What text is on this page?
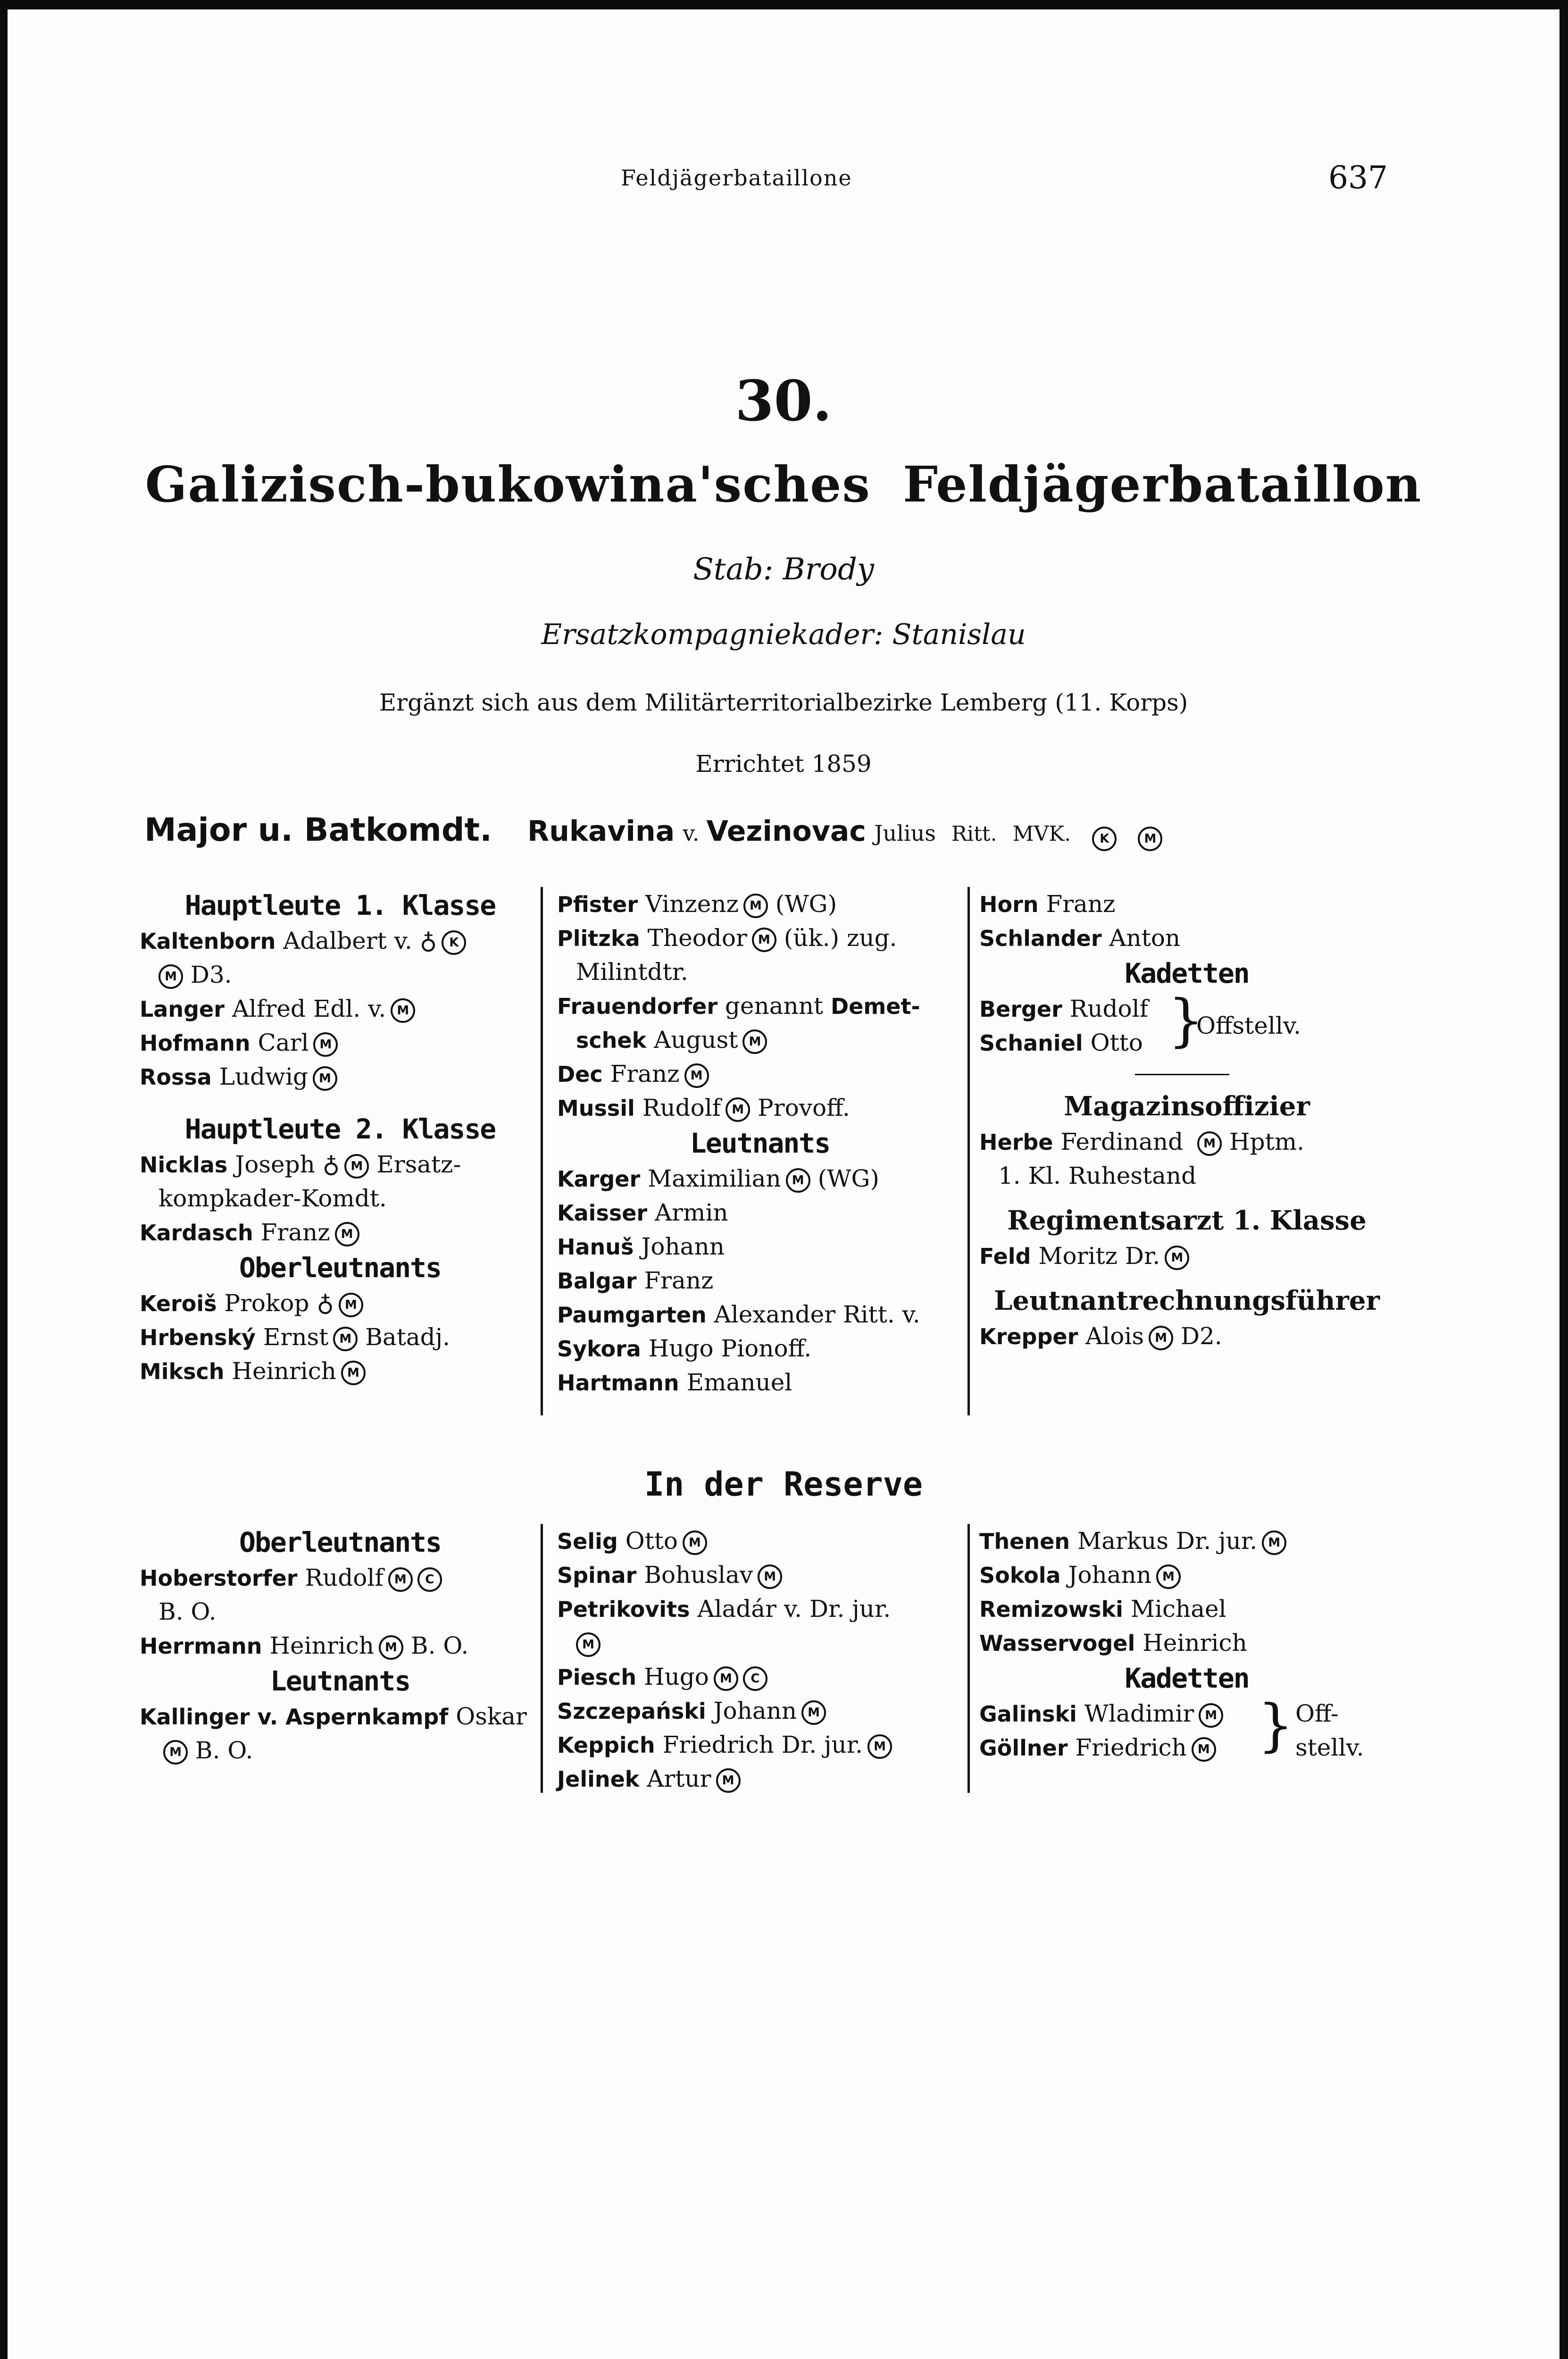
Feldjägerbataillone	637
30.
Galizisch-bukowina'sches Feldjägerbataillon
Stab: Brody
Ersatzkompagniekader: Stanislau
Ergänzt sich aus dem Militärterritorialbezirke Lemberg (11. Korps)
Errichtet 1859
Major u. Batkomdt. Rukavina v. Vezinovac Julius Ritt. MVK. K	M
Hauptleute 1. Klasse
Kaltenborn Adalbert v. ♁ K
M D3.
Langer Alfred Edl. v. M
Hofmann Carl M
Rossa Ludwig M
Hauptleute 2. Klasse
Nicklas Joseph ♁ M Ersatz-
kompkader-Komdt.
Kardasch Franz M
Oberleutnants
Keroiš Prokop ♁ M
Hrbenský Ernst M Batadj.
Miksch Heinrich M
Pfister Vinzenz M (WG)
Plitzka Theodor M (ük.) zug.
Milintdtr.
Frauendorfer genannt Demet-
schek August M
Dec Franz M
Mussil Rudolf M Provoff.
Leutnants
Karger Maximilian M (WG)
Kaisser Armin
Hanuš Johann
Balgar Franz
Paumgarten Alexander Ritt. v.
Sykora Hugo Pionoff.
Hartmann Emanuel
Horn Franz
Schlander Anton
Kadetten
Berger Rudolf
Schaniel Otto }
Offstellv.
Magazinsoffizier
Herbe Ferdinand M Hptm.
1. Kl. Ruhestand
Regimentsarzt 1. Klasse
Feld Moritz Dr. M
Leutnantrechnungsführer
Krepper Alois M D2.
In der Reserve
Oberleutnants
Hoberstorfer Rudolf M C
B. O.
Herrmann Heinrich M B. O.
Leutnants
Kallinger v. Aspernkampf Oskar
M B. O.
Selig Otto M
Spinar Bohuslav M
Petrikovits Aladár v. Dr. jur.
M
Piesch Hugo M C
Szczepański Johann M
Keppich Friedrich Dr. jur. M
Jelinek Artur M
Thenen Markus Dr. jur. M
Sokola Johann M
Remizowski Michael
Wasservogel Heinrich
Kadetten
Galinski Wladimir M
Göllner Friedrich M } Off-
stellv.
